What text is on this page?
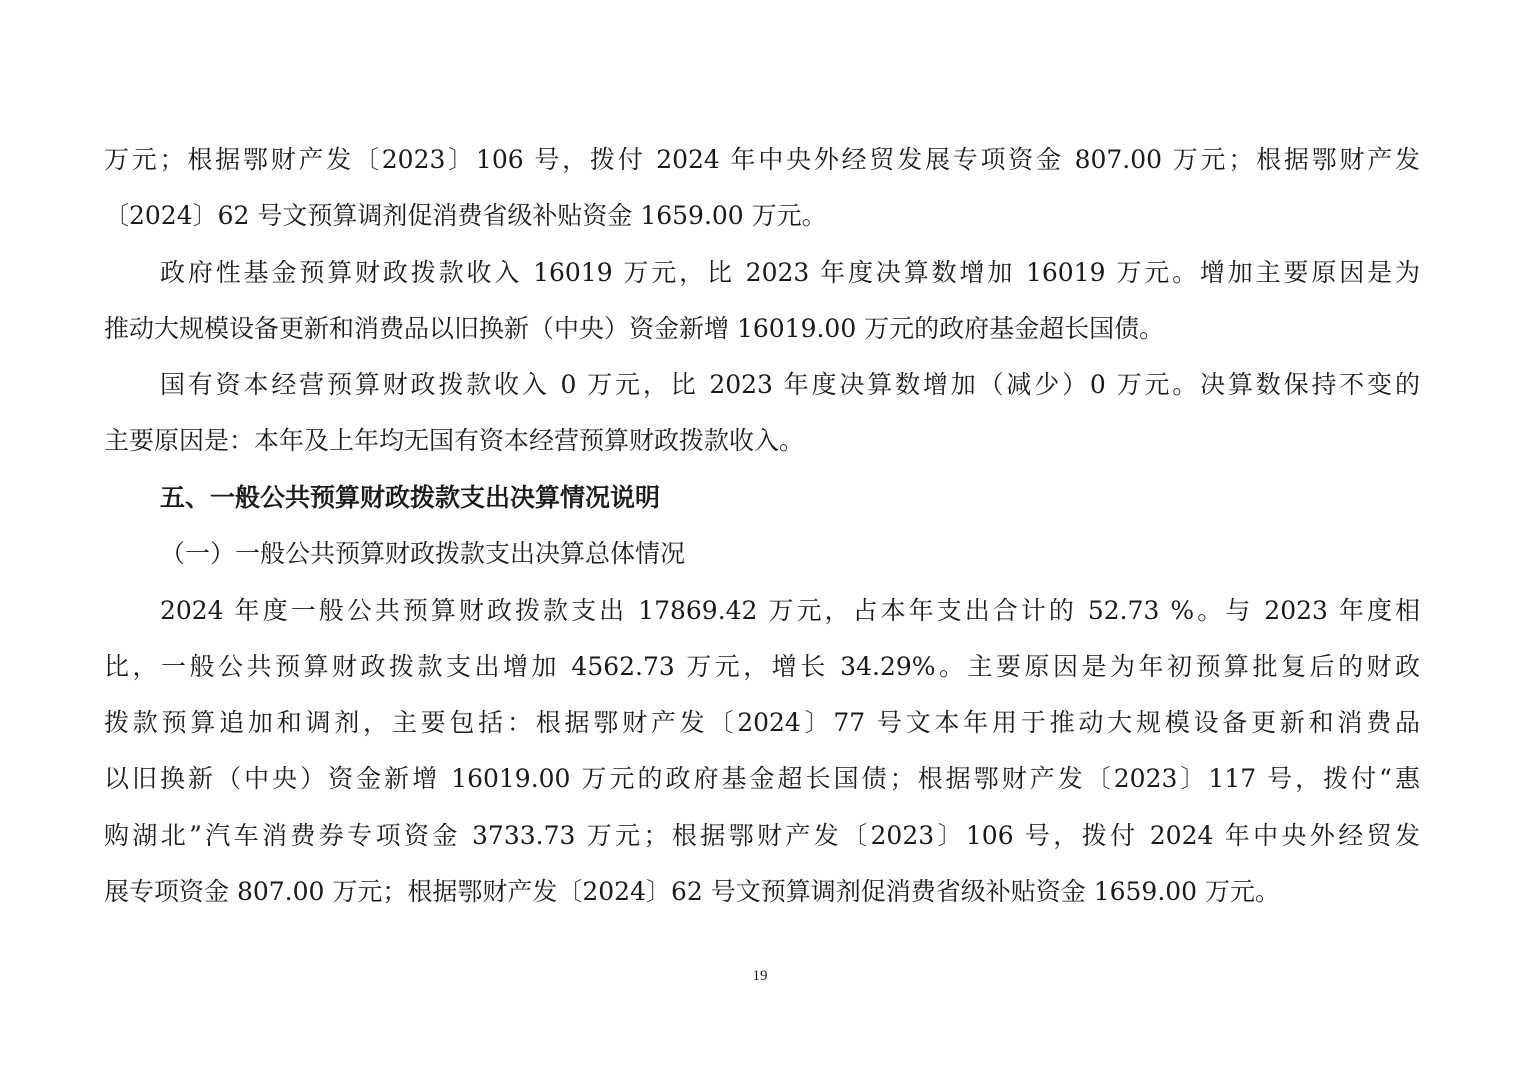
万元；根据鄂财产发〔2023〕106 号，拨付 2024 年中央外经贸发展专项资金 807.00 万元；根据鄂财产发
〔2024〕62 号文预算调剂促消费省级补贴资金 1659.00 万元。
政府性基金预算财政拨款收入 16019 万元，比 2023 年度决算数增加 16019 万元。增加主要原因是为
推动大规模设备更新和消费品以旧换新（中央）资金新增 16019.00 万元的政府基金超长国债。
国有资本经营预算财政拨款收入 0 万元，比 2023 年度决算数增加（减少）0 万元。决算数保持不变的
主要原因是：本年及上年均无国有资本经营预算财政拨款收入。
五、一般公共预算财政拨款支出决算情况说明
（一）一般公共预算财政拨款支出决算总体情况
2024 年度一般公共预算财政拨款支出 17869.42 万元，占本年支出合计的 52.73 %。与 2023 年度相
比，一般公共预算财政拨款支出增加 4562.73 万元，增长 34.29%。主要原因是为年初预算批复后的财政
拨款预算追加和调剂，主要包括：根据鄂财产发〔2024〕77 号文本年用于推动大规模设备更新和消费品
以旧换新（中央）资金新增 16019.00 万元的政府基金超长国债；根据鄂财产发〔2023〕117 号，拨付“惠
购湖北”汽车消费券专项资金 3733.73 万元；根据鄂财产发〔2023〕106 号，拨付 2024 年中央外经贸发
展专项资金 807.00 万元；根据鄂财产发〔2024〕62 号文预算调剂促消费省级补贴资金 1659.00 万元。
19
